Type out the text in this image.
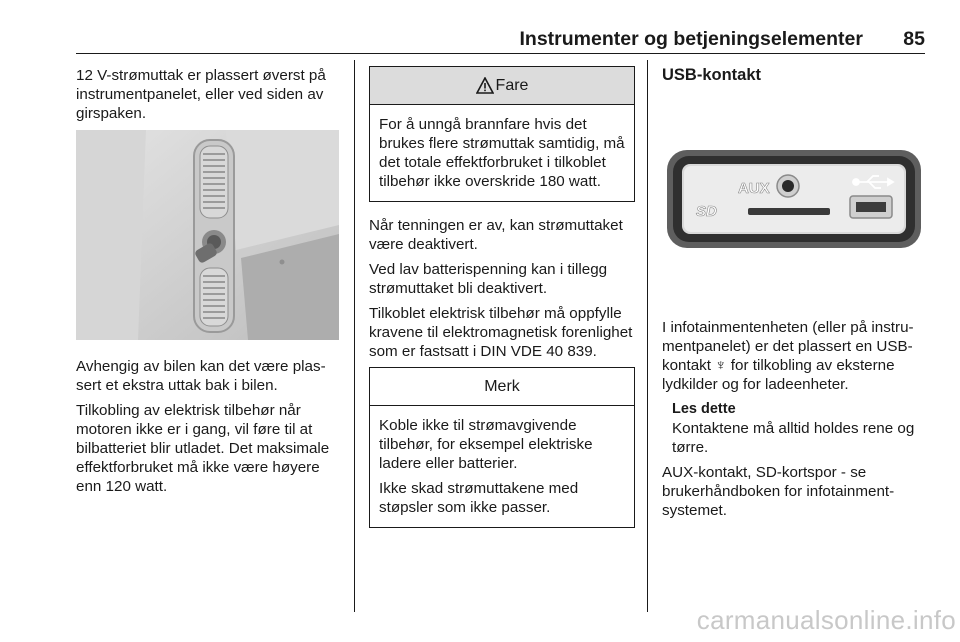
Instrumenter og betjeningselementer 85

12 V-strømuttak er plassert øverst på instrumentpanelet, eller ved siden av girspaken.

Avhengig av bilen kan det være plassert et ekstra uttak bak i bilen.

Tilkobling av elektrisk tilbehør når motoren ikke er i gang, vil føre til at bilbatteriet blir utladet. Det maksimale effektforbruket må ikke være høyere enn 120 watt.

Fare

For å unngå brannfare hvis det brukes flere strømuttak samtidig, må det totale effektforbruket i tilkoblet tilbehør ikke overskride 180 watt.

Når tenningen er av, kan strømuttaket være deaktivert.

Ved lav batterispenning kan i tillegg strømuttaket bli deaktivert.

Tilkoblet elektrisk tilbehør må oppfylle kravene til elektromagnetisk forenlighet som er fastsatt i DIN VDE 40 839.

Merk

Koble ikke til strømavgivende tilbehør, for eksempel elektriske ladere eller batterier.

Ikke skad strømuttakene med støpsler som ikke passer.

USB-kontakt

I infotainmentenheten (eller på instrumentpanelet) er det plassert en USB-kontakt ♆ for tilkobling av eksterne lydkilder og for ladeenheter.

Les dette
Kontaktene må alltid holdes rene og tørre.

AUX-kontakt, SD-kortspor - se brukerhåndboken for infotainmentsystemet.

AUX
SD
carmanualsonline.info
